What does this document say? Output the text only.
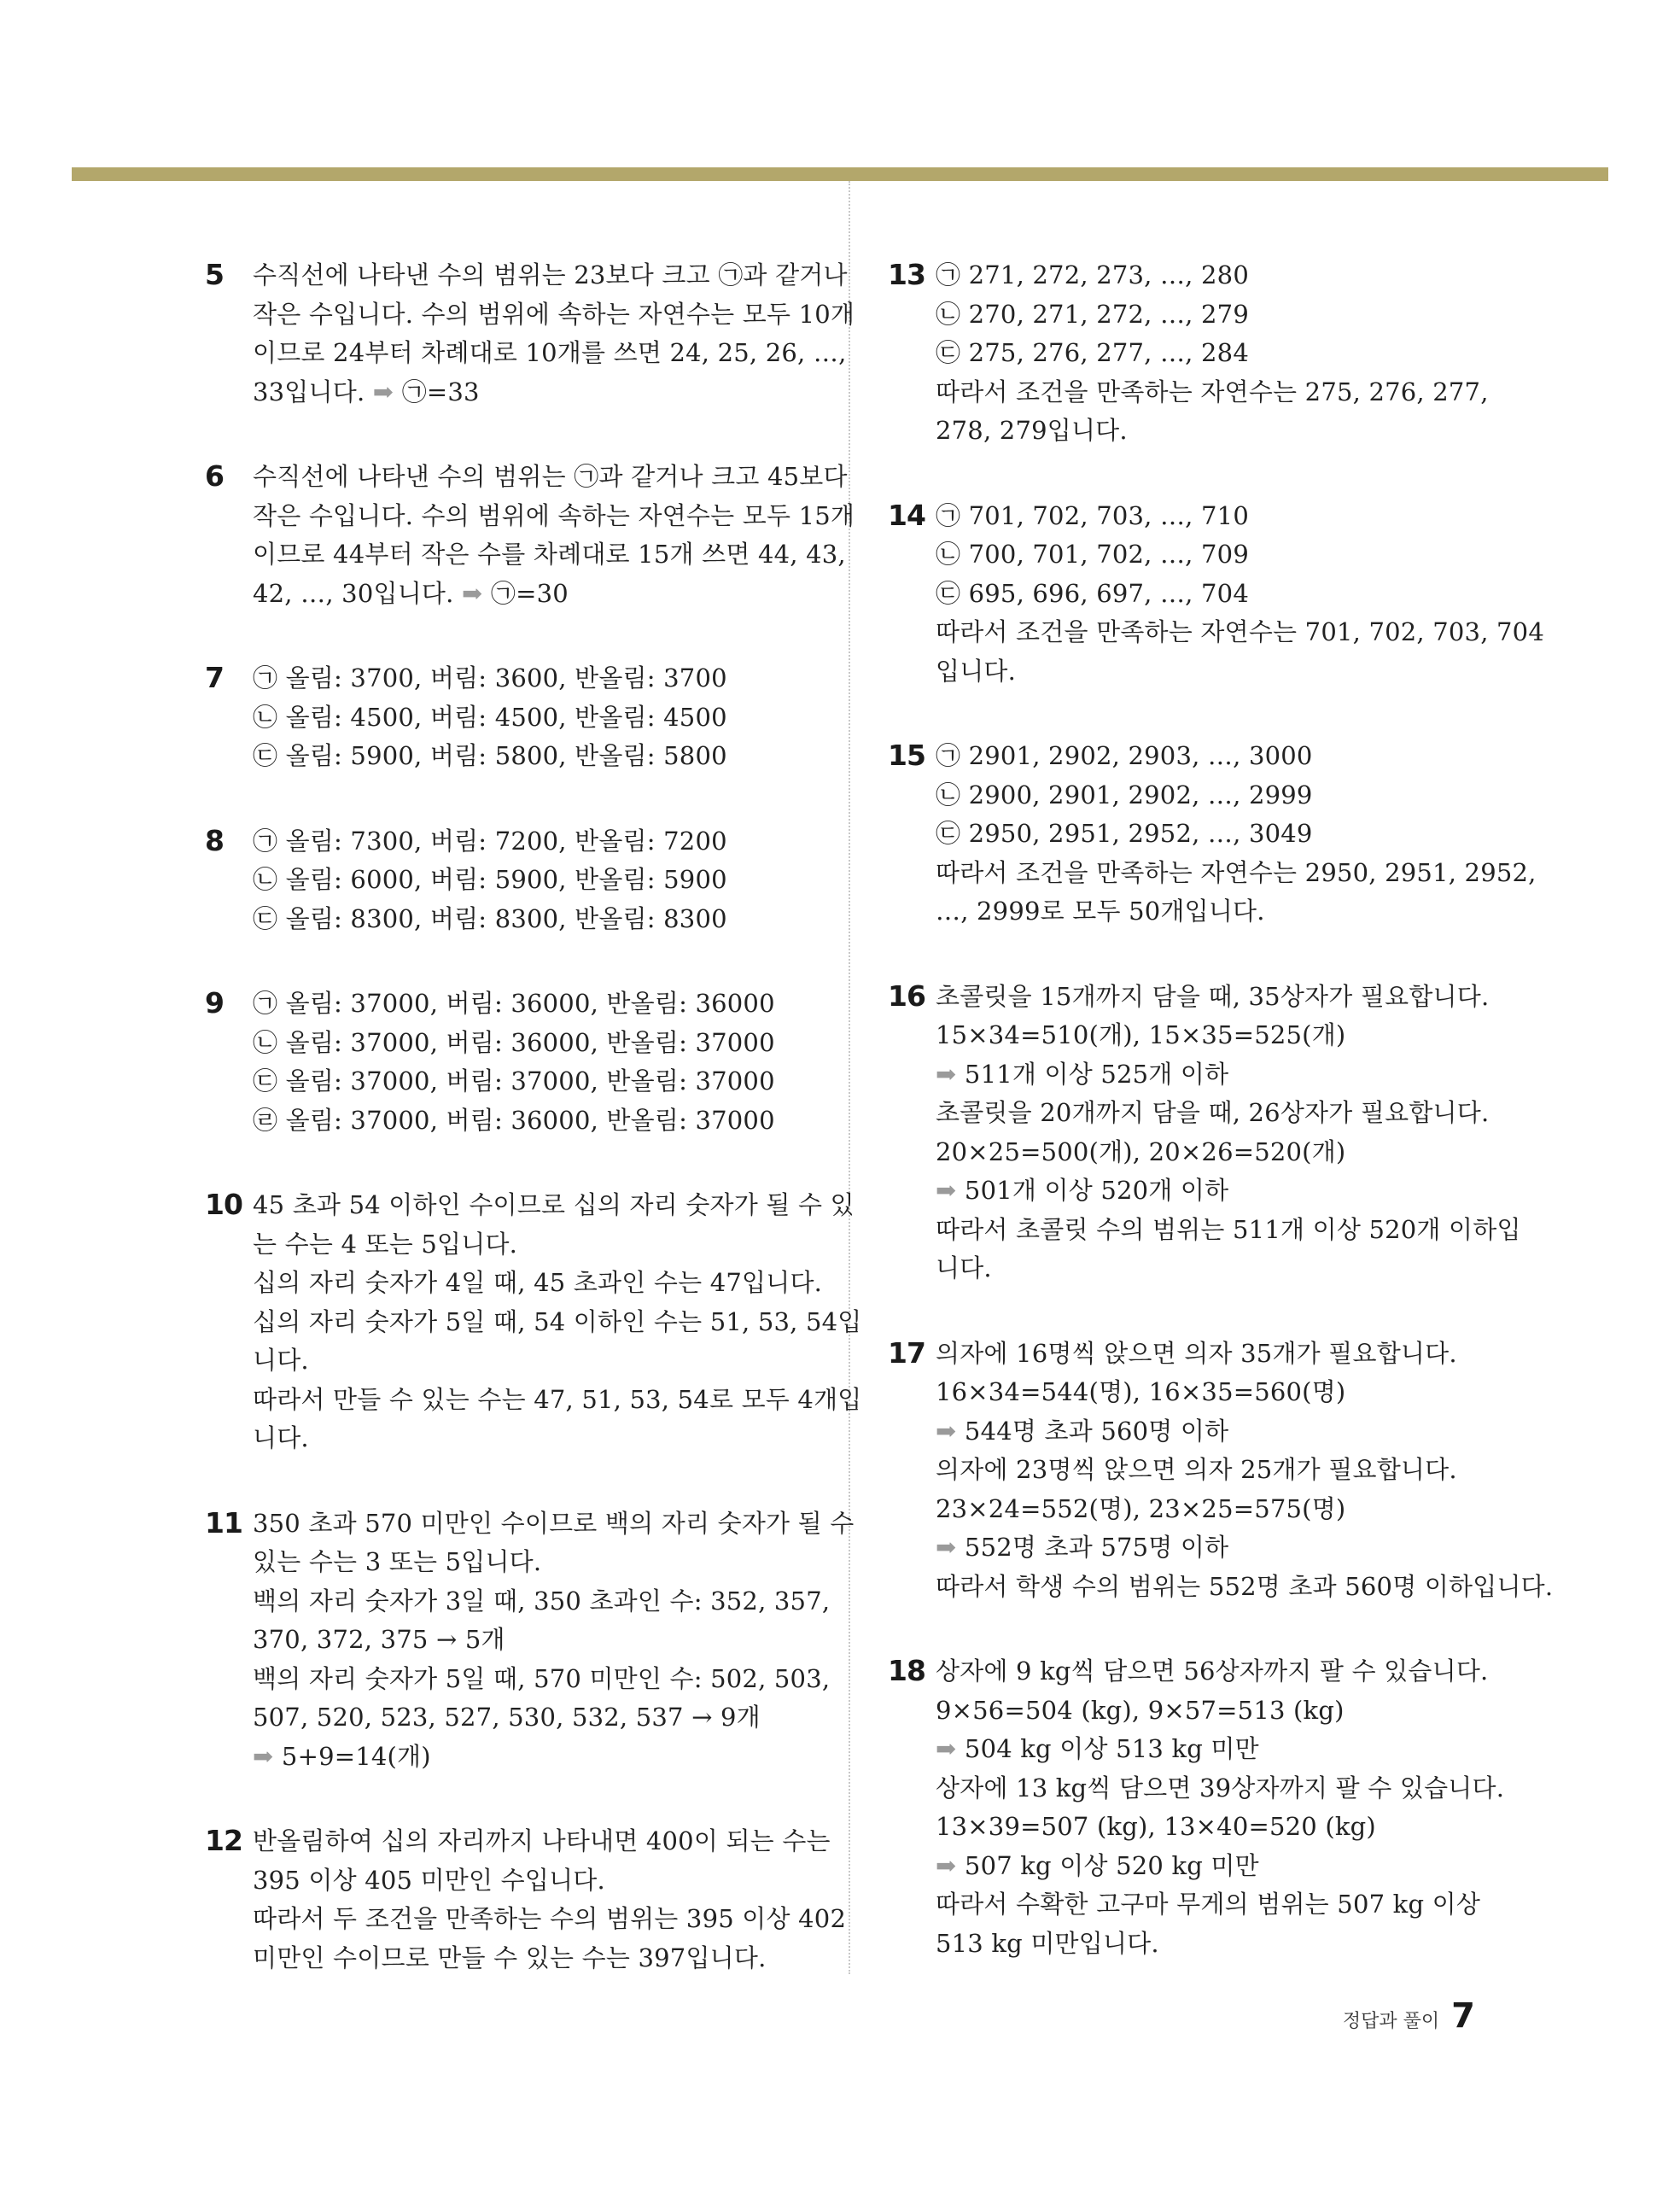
5 수직선에 나타낸 수의 범위는 23보다 크고 ㉠과 같거나
작은 수입니다. 수의 범위에 속하는 자연수는 모두 10개
이므로 24부터 차례대로 10개를 쓰면 24, 25, 26, …,
33입니다. ➡ ㉠=33
6 수직선에 나타낸 수의 범위는 ㉠과 같거나 크고 45보다
작은 수입니다. 수의 범위에 속하는 자연수는 모두 15개
이므로 44부터 작은 수를 차례대로 15개 쓰면 44, 43,
42, …, 30입니다. ➡ ㉠=30
7 ㉠ 올림: 3700, 버림: 3600, 반올림: 3700
㉡ 올림: 4500, 버림: 4500, 반올림: 4500
㉢ 올림: 5900, 버림: 5800, 반올림: 5800
8 ㉠ 올림: 7300, 버림: 7200, 반올림: 7200
㉡ 올림: 6000, 버림: 5900, 반올림: 5900
㉢ 올림: 8300, 버림: 8300, 반올림: 8300
9 ㉠ 올림: 37000, 버림: 36000, 반올림: 36000
㉡ 올림: 37000, 버림: 36000, 반올림: 37000
㉢ 올림: 37000, 버림: 37000, 반올림: 37000
㉣ 올림: 37000, 버림: 36000, 반올림: 37000
10 45 초과 54 이하인 수이므로 십의 자리 숫자가 될 수 있
는 수는 4 또는 5입니다.
십의 자리 숫자가 4일 때, 45 초과인 수는 47입니다.
십의 자리 숫자가 5일 때, 54 이하인 수는 51, 53, 54입
니다.
따라서 만들 수 있는 수는 47, 51, 53, 54로 모두 4개입
니다.
11 350 초과 570 미만인 수이므로 백의 자리 숫자가 될 수
있는 수는 3 또는 5입니다.
백의 자리 숫자가 3일 때, 350 초과인 수: 352, 357,
370, 372, 375 → 5개
백의 자리 숫자가 5일 때, 570 미만인 수: 502, 503,
507, 520, 523, 527, 530, 532, 537 → 9개
➡ 5+9=14(개)
12 반올림하여 십의 자리까지 나타내면 400이 되는 수는
395 이상 405 미만인 수입니다.
따라서 두 조건을 만족하는 수의 범위는 395 이상 402
미만인 수이므로 만들 수 있는 수는 397입니다.
13 ㉠ 271, 272, 273, …, 280
㉡ 270, 271, 272, …, 279
㉢ 275, 276, 277, …, 284
따라서 조건을 만족하는 자연수는 275, 276, 277,
278, 279입니다.
14 ㉠ 701, 702, 703, …, 710
㉡ 700, 701, 702, …, 709
㉢ 695, 696, 697, …, 704
따라서 조건을 만족하는 자연수는 701, 702, 703, 704
입니다.
15 ㉠ 2901, 2902, 2903, …, 3000
㉡ 2900, 2901, 2902, …, 2999
㉢ 2950, 2951, 2952, …, 3049
따라서 조건을 만족하는 자연수는 2950, 2951, 2952,
…, 2999로 모두 50개입니다.
16 초콜릿을 15개까지 담을 때, 35상자가 필요합니다.
15×34=510(개), 15×35=525(개)
➡ 511개 이상 525개 이하
초콜릿을 20개까지 담을 때, 26상자가 필요합니다.
20×25=500(개), 20×26=520(개)
➡ 501개 이상 520개 이하
따라서 초콜릿 수의 범위는 511개 이상 520개 이하입
니다.
17 의자에 16명씩 앉으면 의자 35개가 필요합니다.
16×34=544(명), 16×35=560(명)
➡ 544명 초과 560명 이하
의자에 23명씩 앉으면 의자 25개가 필요합니다.
23×24=552(명), 23×25=575(명)
➡ 552명 초과 575명 이하
따라서 학생 수의 범위는 552명 초과 560명 이하입니다.
18 상자에 9 kg씩 담으면 56상자까지 팔 수 있습니다.
9×56=504 (kg), 9×57=513 (kg)
➡ 504 kg 이상 513 kg 미만
상자에 13 kg씩 담으면 39상자까지 팔 수 있습니다.
13×39=507 (kg), 13×40=520 (kg)
➡ 507 kg 이상 520 kg 미만
따라서 수확한 고구마 무게의 범위는 507 kg 이상
513 kg 미만입니다.
정답과 풀이 7
